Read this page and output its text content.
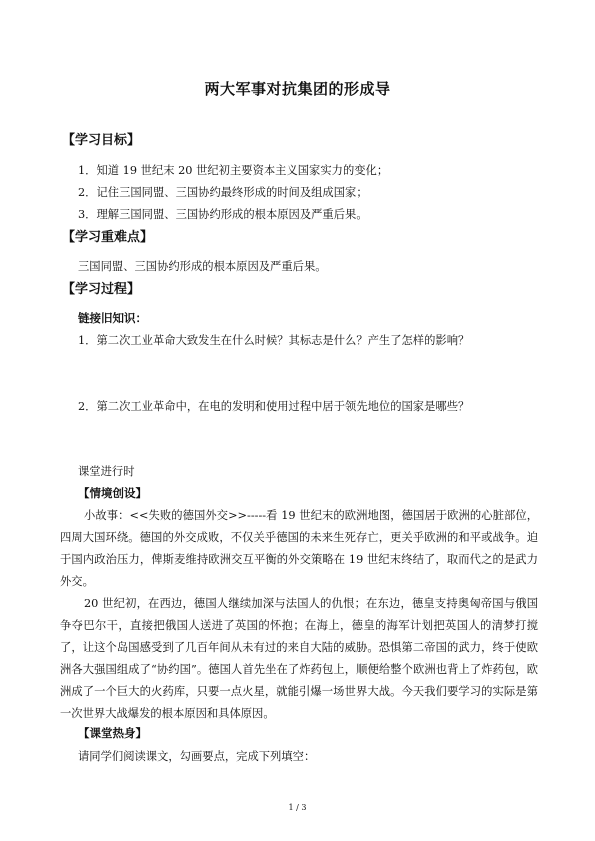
两大军事对抗集团的形成导
【学习目标】
1．知道 19 世纪末 20 世纪初主要资本主义国家实力的变化；
2．记住三国同盟、三国协约最终形成的时间及组成国家；
3．理解三国同盟、三国协约形成的根本原因及严重后果。
【学习重难点】
三国同盟、三国协约形成的根本原因及严重后果。
【学习过程】
链接旧知识：
1．第二次工业革命大致发生在什么时候？其标志是什么？产生了怎样的影响？
2．第二次工业革命中，在电的发明和使用过程中居于领先地位的国家是哪些？
课堂进行时
【情境创设】
小故事：<<失败的德国外交>>-----看 19 世纪末的欧洲地图，德国居于欧洲的心脏部位，四周大国环绕。德国的外交成败，不仅关乎德国的未来生死存亡，更关乎欧洲的和平或战争。迫于国内政治压力，俾斯麦维持欧洲交互平衡的外交策略在 19 世纪末终结了，取而代之的是武力外交。
20 世纪初，在西边，德国人继续加深与法国人的仇恨；在东边，德皇支持奥匈帝国与俄国争夺巴尔干，直接把俄国人送进了英国的怀抱；在海上，德皇的海军计划把英国人的清梦打搅了，让这个岛国感受到了几百年间从未有过的来自大陆的威胁。恐惧第二帝国的武力，终于使欧洲各大强国组成了“协约国”。德国人首先坐在了炸药包上，顺便给整个欧洲也背上了炸药包，欧洲成了一个巨大的火药库，只要一点火星，就能引爆一场世界大战。今天我们要学习的实际是第一次世界大战爆发的根本原因和具体原因。
【课堂热身】
请同学们阅读课文，勾画要点，完成下列填空：
1 / 3
